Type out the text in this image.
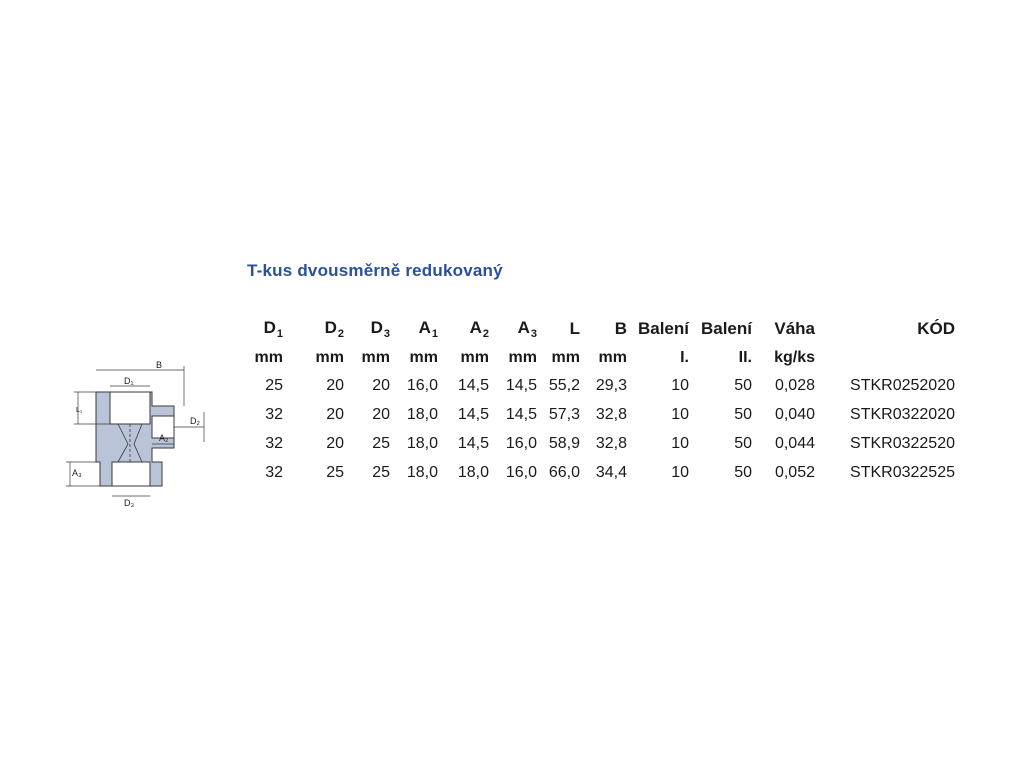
T-kus dvousměrně redukovaný
B
D₁
L₁
A₂
D₂
A₃
D₃
$D_1$	$D_2$	$D_3$	$A_1$	$A_2$	$A_3$	L	B	Balení	Balení	Váha	KÓD
mm	mm	mm	mm	mm	mm	mm	mm	I.	II.	kg/ks	
25	20	20	16,0	14,5	14,5	55,2	29,3	10	50	0,028	STKR0252020
32	20	20	18,0	14,5	14,5	57,3	32,8	10	50	0,040	STKR0322020
32	20	25	18,0	14,5	16,0	58,9	32,8	10	50	0,044	STKR0322520
32	25	25	18,0	18,0	16,0	66,0	34,4	10	50	0,052	STKR0322525
